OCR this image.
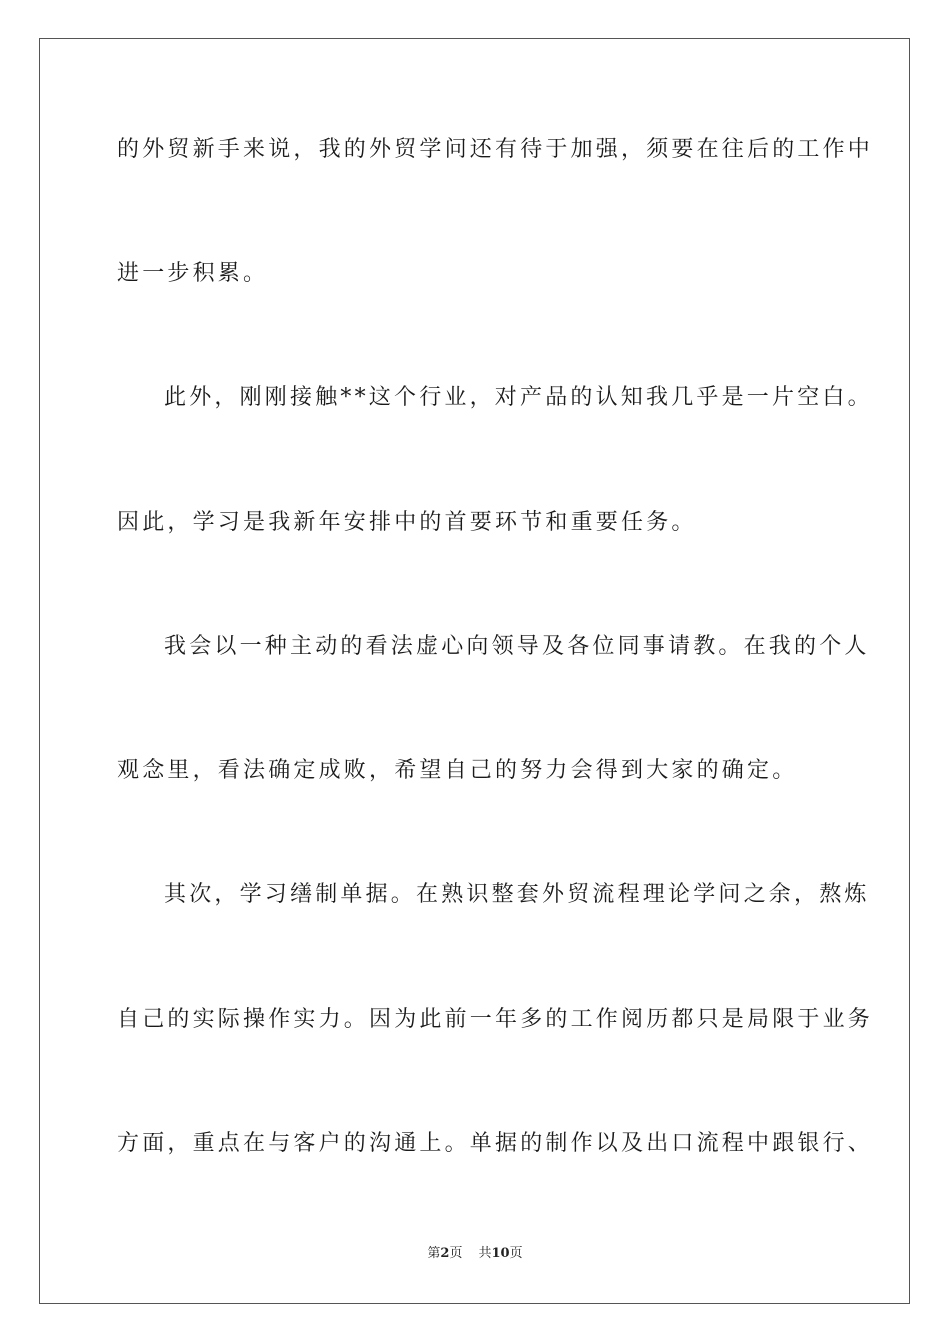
的外贸新手来说，我的外贸学问还有待于加强，须要在往后的工作中
进一步积累。
此外，刚刚接触**这个行业，对产品的认知我几乎是一片空白。
因此，学习是我新年安排中的首要环节和重要任务。
我会以一种主动的看法虚心向领导及各位同事请教。在我的个人
观念里，看法确定成败，希望自己的努力会得到大家的确定。
其次，学习缮制单据。在熟识整套外贸流程理论学问之余，熬炼
自己的实际操作实力。因为此前一年多的工作阅历都只是局限于业务
方面，重点在与客户的沟通上。单据的制作以及出口流程中跟银行、
第2页 共10页
